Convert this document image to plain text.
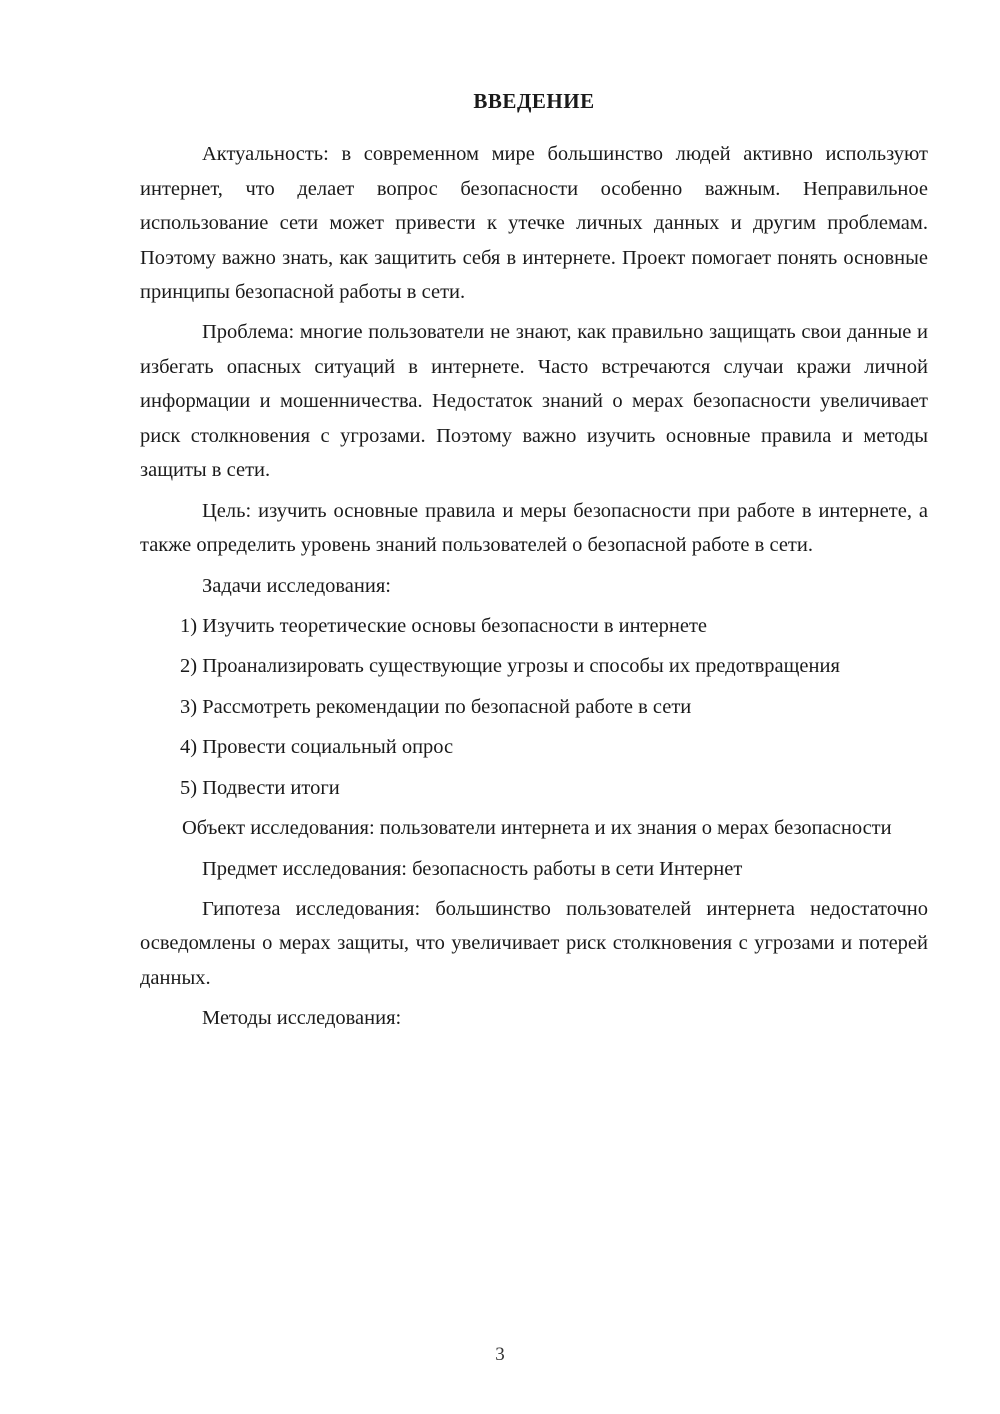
ВВЕДЕНИЕ

Актуальность: в современном мире большинство людей активно используют интернет, что делает вопрос безопасности особенно важным. Неправильное использование сети может привести к утечке личных данных и другим проблемам. Поэтому важно знать, как защитить себя в интернете. Проект помогает понять основные принципы безопасной работы в сети.

Проблема: многие пользователи не знают, как правильно защищать свои данные и избегать опасных ситуаций в интернете. Часто встречаются случаи кражи личной информации и мошенничества. Недостаток знаний о мерах безопасности увеличивает риск столкновения с угрозами. Поэтому важно изучить основные правила и методы защиты в сети.

Цель: изучить основные правила и меры безопасности при работе в интернете, а также определить уровень знаний пользователей о безопасной работе в сети.

Задачи исследования:

1) Изучить теоретические основы безопасности в интернете

2) Проанализировать существующие угрозы и способы их предотвращения

3) Рассмотреть рекомендации по безопасной работе в сети

4) Провести социальный опрос

5) Подвести итоги

Объект исследования: пользователи интернета и их знания о мерах безопасности

Предмет исследования: безопасность работы в сети Интернет

Гипотеза исследования: большинство пользователей интернета недостаточно осведомлены о мерах защиты, что увеличивает риск столкновения с угрозами и потерей данных.

Методы исследования:

3
